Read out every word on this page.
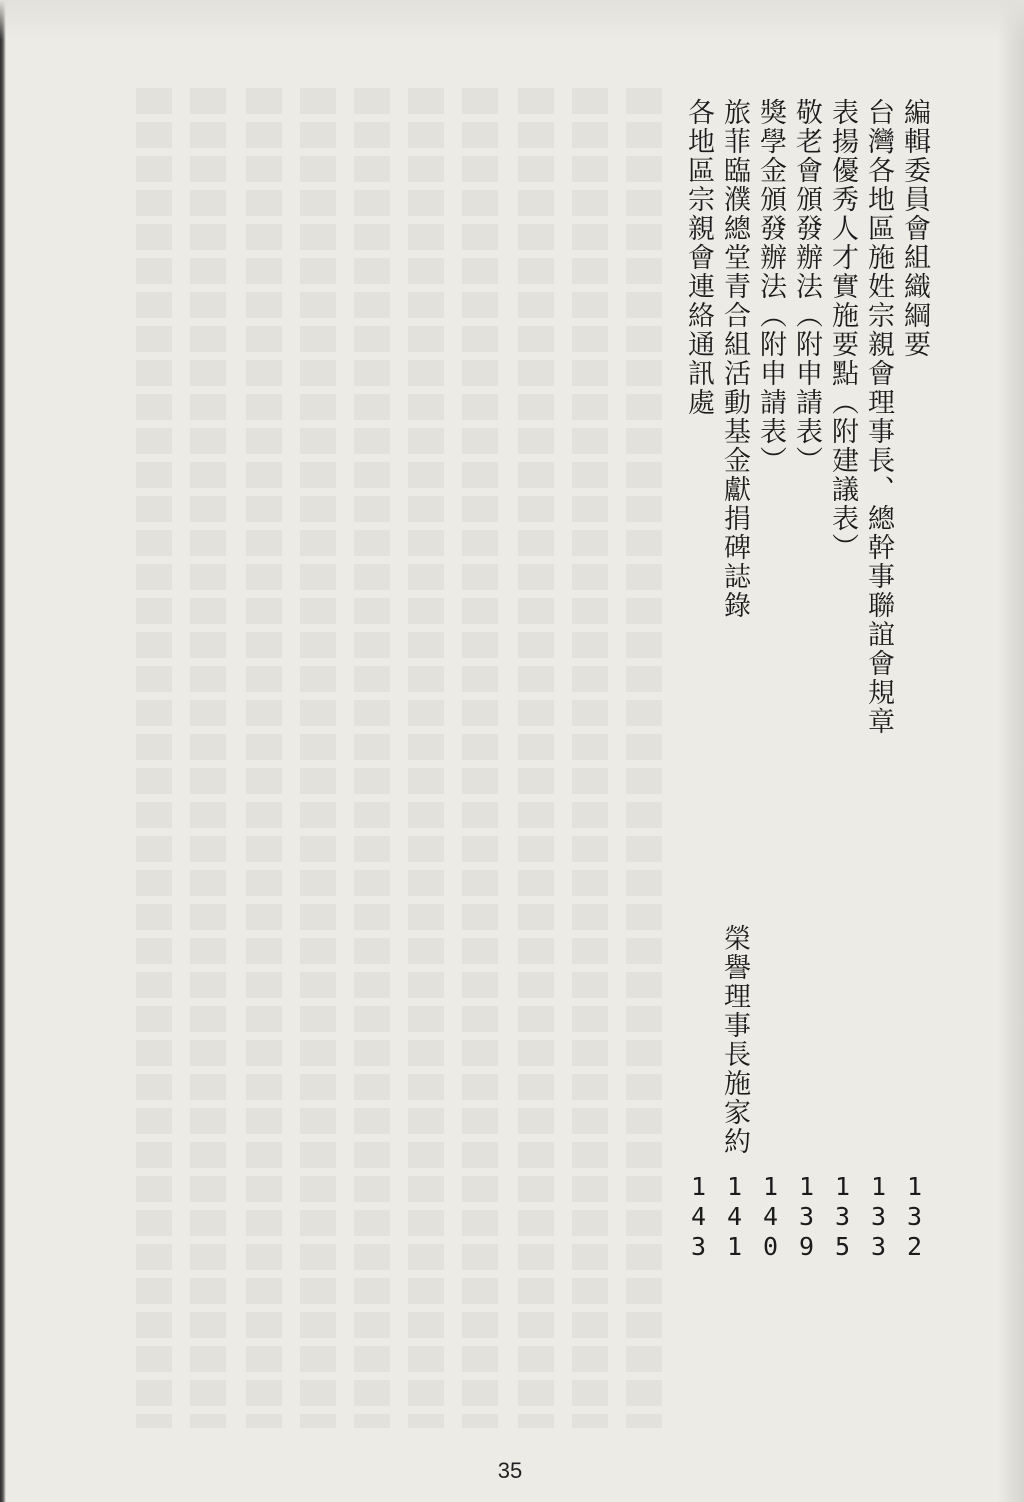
編輯委員會組織綱要
132
台灣各地區施姓宗親會理事長、總幹事聯誼會規章
133
表揚優秀人才實施要點（附建議表）
135
敬老會頒發辦法（附申請表）
139
獎學金頒發辦法（附申請表）
140
旅菲臨濮總堂青合組活動基金獻捐碑誌錄
榮譽理事長施家約
141
各地區宗親會連絡通訊處
143
35
